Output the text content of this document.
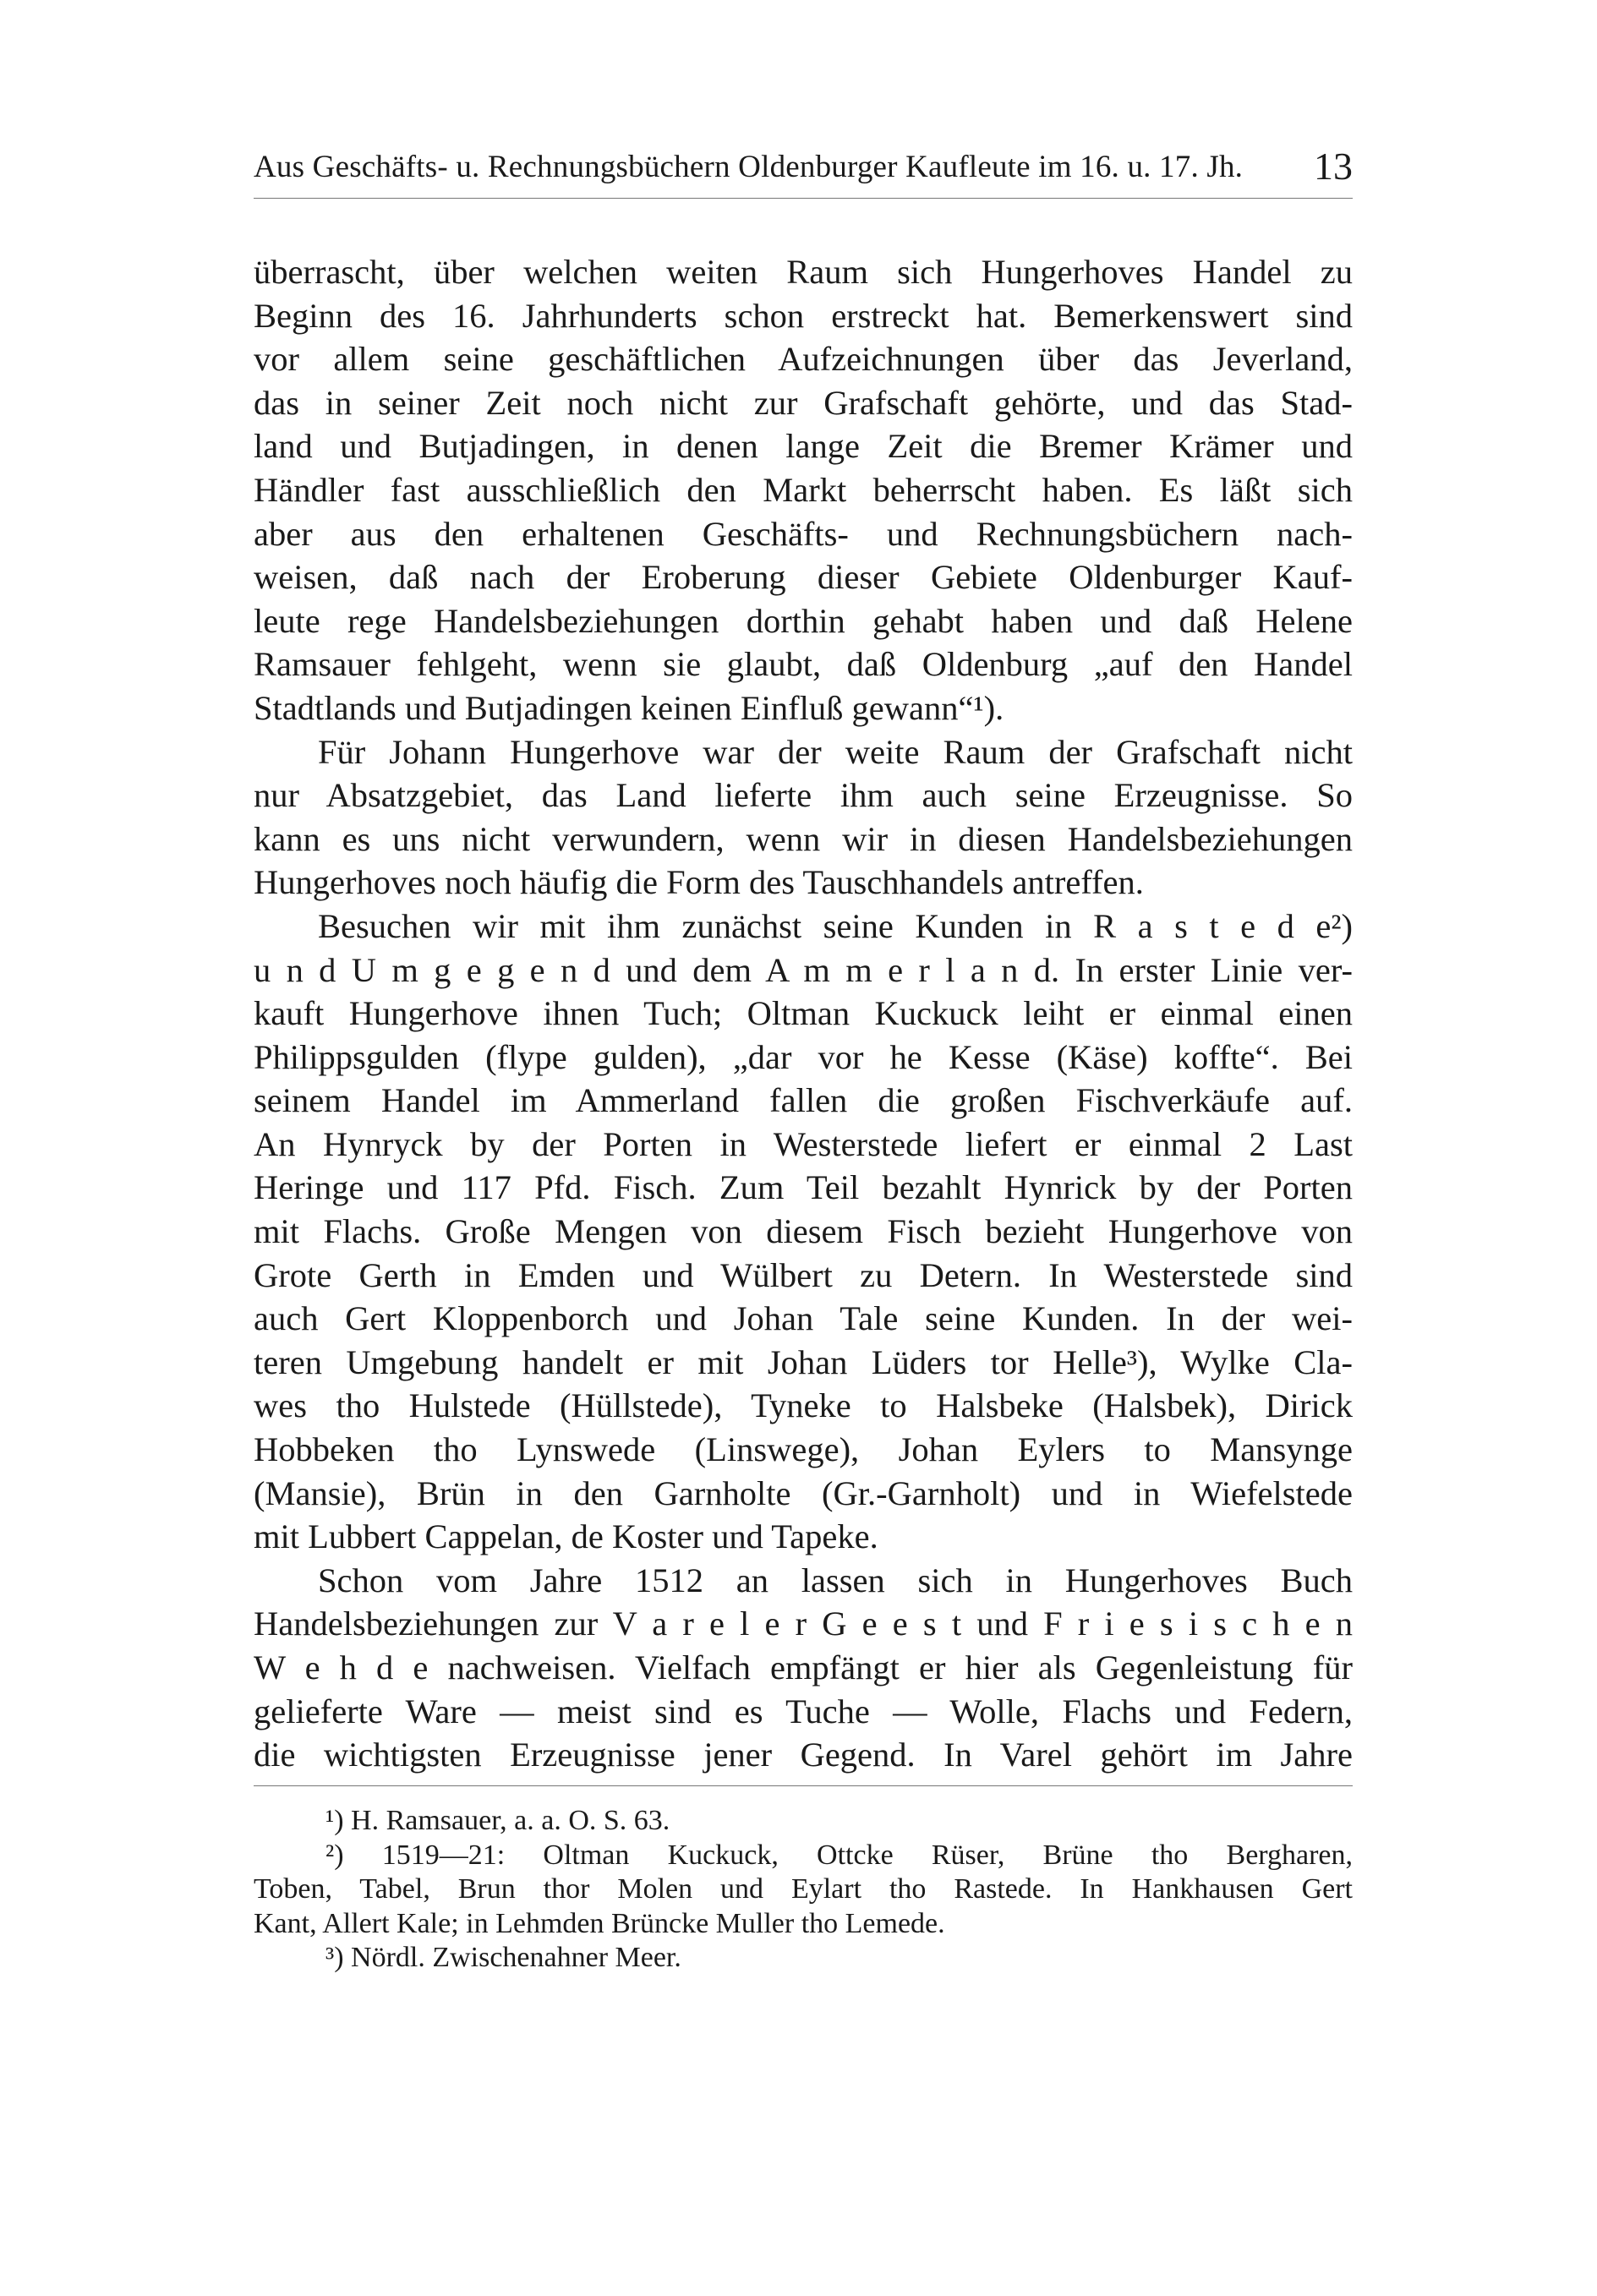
Aus Geschäfts- u. Rechnungsbüchern Oldenburger Kaufleute im 16. u. 17. Jh. 13
überrascht, über welchen weiten Raum sich Hungerhoves Handel zu
Beginn des 16. Jahrhunderts schon erstreckt hat. Bemerkenswert sind
vor allem seine geschäftlichen Aufzeichnungen über das Jeverland,
das in seiner Zeit noch nicht zur Grafschaft gehörte, und das Stad-
land und Butjadingen, in denen lange Zeit die Bremer Krämer und
Händler fast ausschließlich den Markt beherrscht haben. Es läßt sich
aber aus den erhaltenen Geschäfts- und Rechnungsbüchern nach-
weisen, daß nach der Eroberung dieser Gebiete Oldenburger Kauf-
leute rege Handelsbeziehungen dorthin gehabt haben und daß Helene
Ramsauer fehlgeht, wenn sie glaubt, daß Oldenburg „auf den Handel
Stadtlands und Butjadingen keinen Einfluß gewann“¹).
Für Johann Hungerhove war der weite Raum der Grafschaft nicht
nur Absatzgebiet, das Land lieferte ihm auch seine Erzeugnisse. So
kann es uns nicht verwundern, wenn wir in diesen Handelsbeziehungen
Hungerhoves noch häufig die Form des Tauschhandels antreffen.
Besuchen wir mit ihm zunächst seine Kunden in R a s t e d e²)
u n d U m g e g e n d und dem A m m e r l a n d. In erster Linie ver-
kauft Hungerhove ihnen Tuch; Oltman Kuckuck leiht er einmal einen
Philippsgulden (flype gulden), „dar vor he Kesse (Käse) koffte“. Bei
seinem Handel im Ammerland fallen die großen Fischverkäufe auf.
An Hynryck by der Porten in Westerstede liefert er einmal 2 Last
Heringe und 117 Pfd. Fisch. Zum Teil bezahlt Hynrick by der Porten
mit Flachs. Große Mengen von diesem Fisch bezieht Hungerhove von
Grote Gerth in Emden und Wülbert zu Detern. In Westerstede sind
auch Gert Kloppenborch und Johan Tale seine Kunden. In der wei-
teren Umgebung handelt er mit Johan Lüders tor Helle³), Wylke Cla-
wes tho Hulstede (Hüllstede), Tyneke to Halsbeke (Halsbek), Dirick
Hobbeken tho Lynswede (Linswege), Johan Eylers to Mansynge
(Mansie), Brün in den Garnholte (Gr.-Garnholt) und in Wiefelstede
mit Lubbert Cappelan, de Koster und Tapeke.
Schon vom Jahre 1512 an lassen sich in Hungerhoves Buch
Handelsbeziehungen zur V a r e l e r G e e s t und F r i e s i s c h e n
W e h d e nachweisen. Vielfach empfängt er hier als Gegenleistung für
gelieferte Ware — meist sind es Tuche — Wolle, Flachs und Federn,
die wichtigsten Erzeugnisse jener Gegend. In Varel gehört im Jahre
¹) H. Ramsauer, a. a. O. S. 63.
²) 1519—21: Oltman Kuckuck, Ottcke Rüser, Brüne tho Bergharen,
Toben, Tabel, Brun thor Molen und Eylart tho Rastede. In Hankhausen Gert
Kant, Allert Kale; in Lehmden Brüncke Muller tho Lemede.
³) Nördl. Zwischenahner Meer.
